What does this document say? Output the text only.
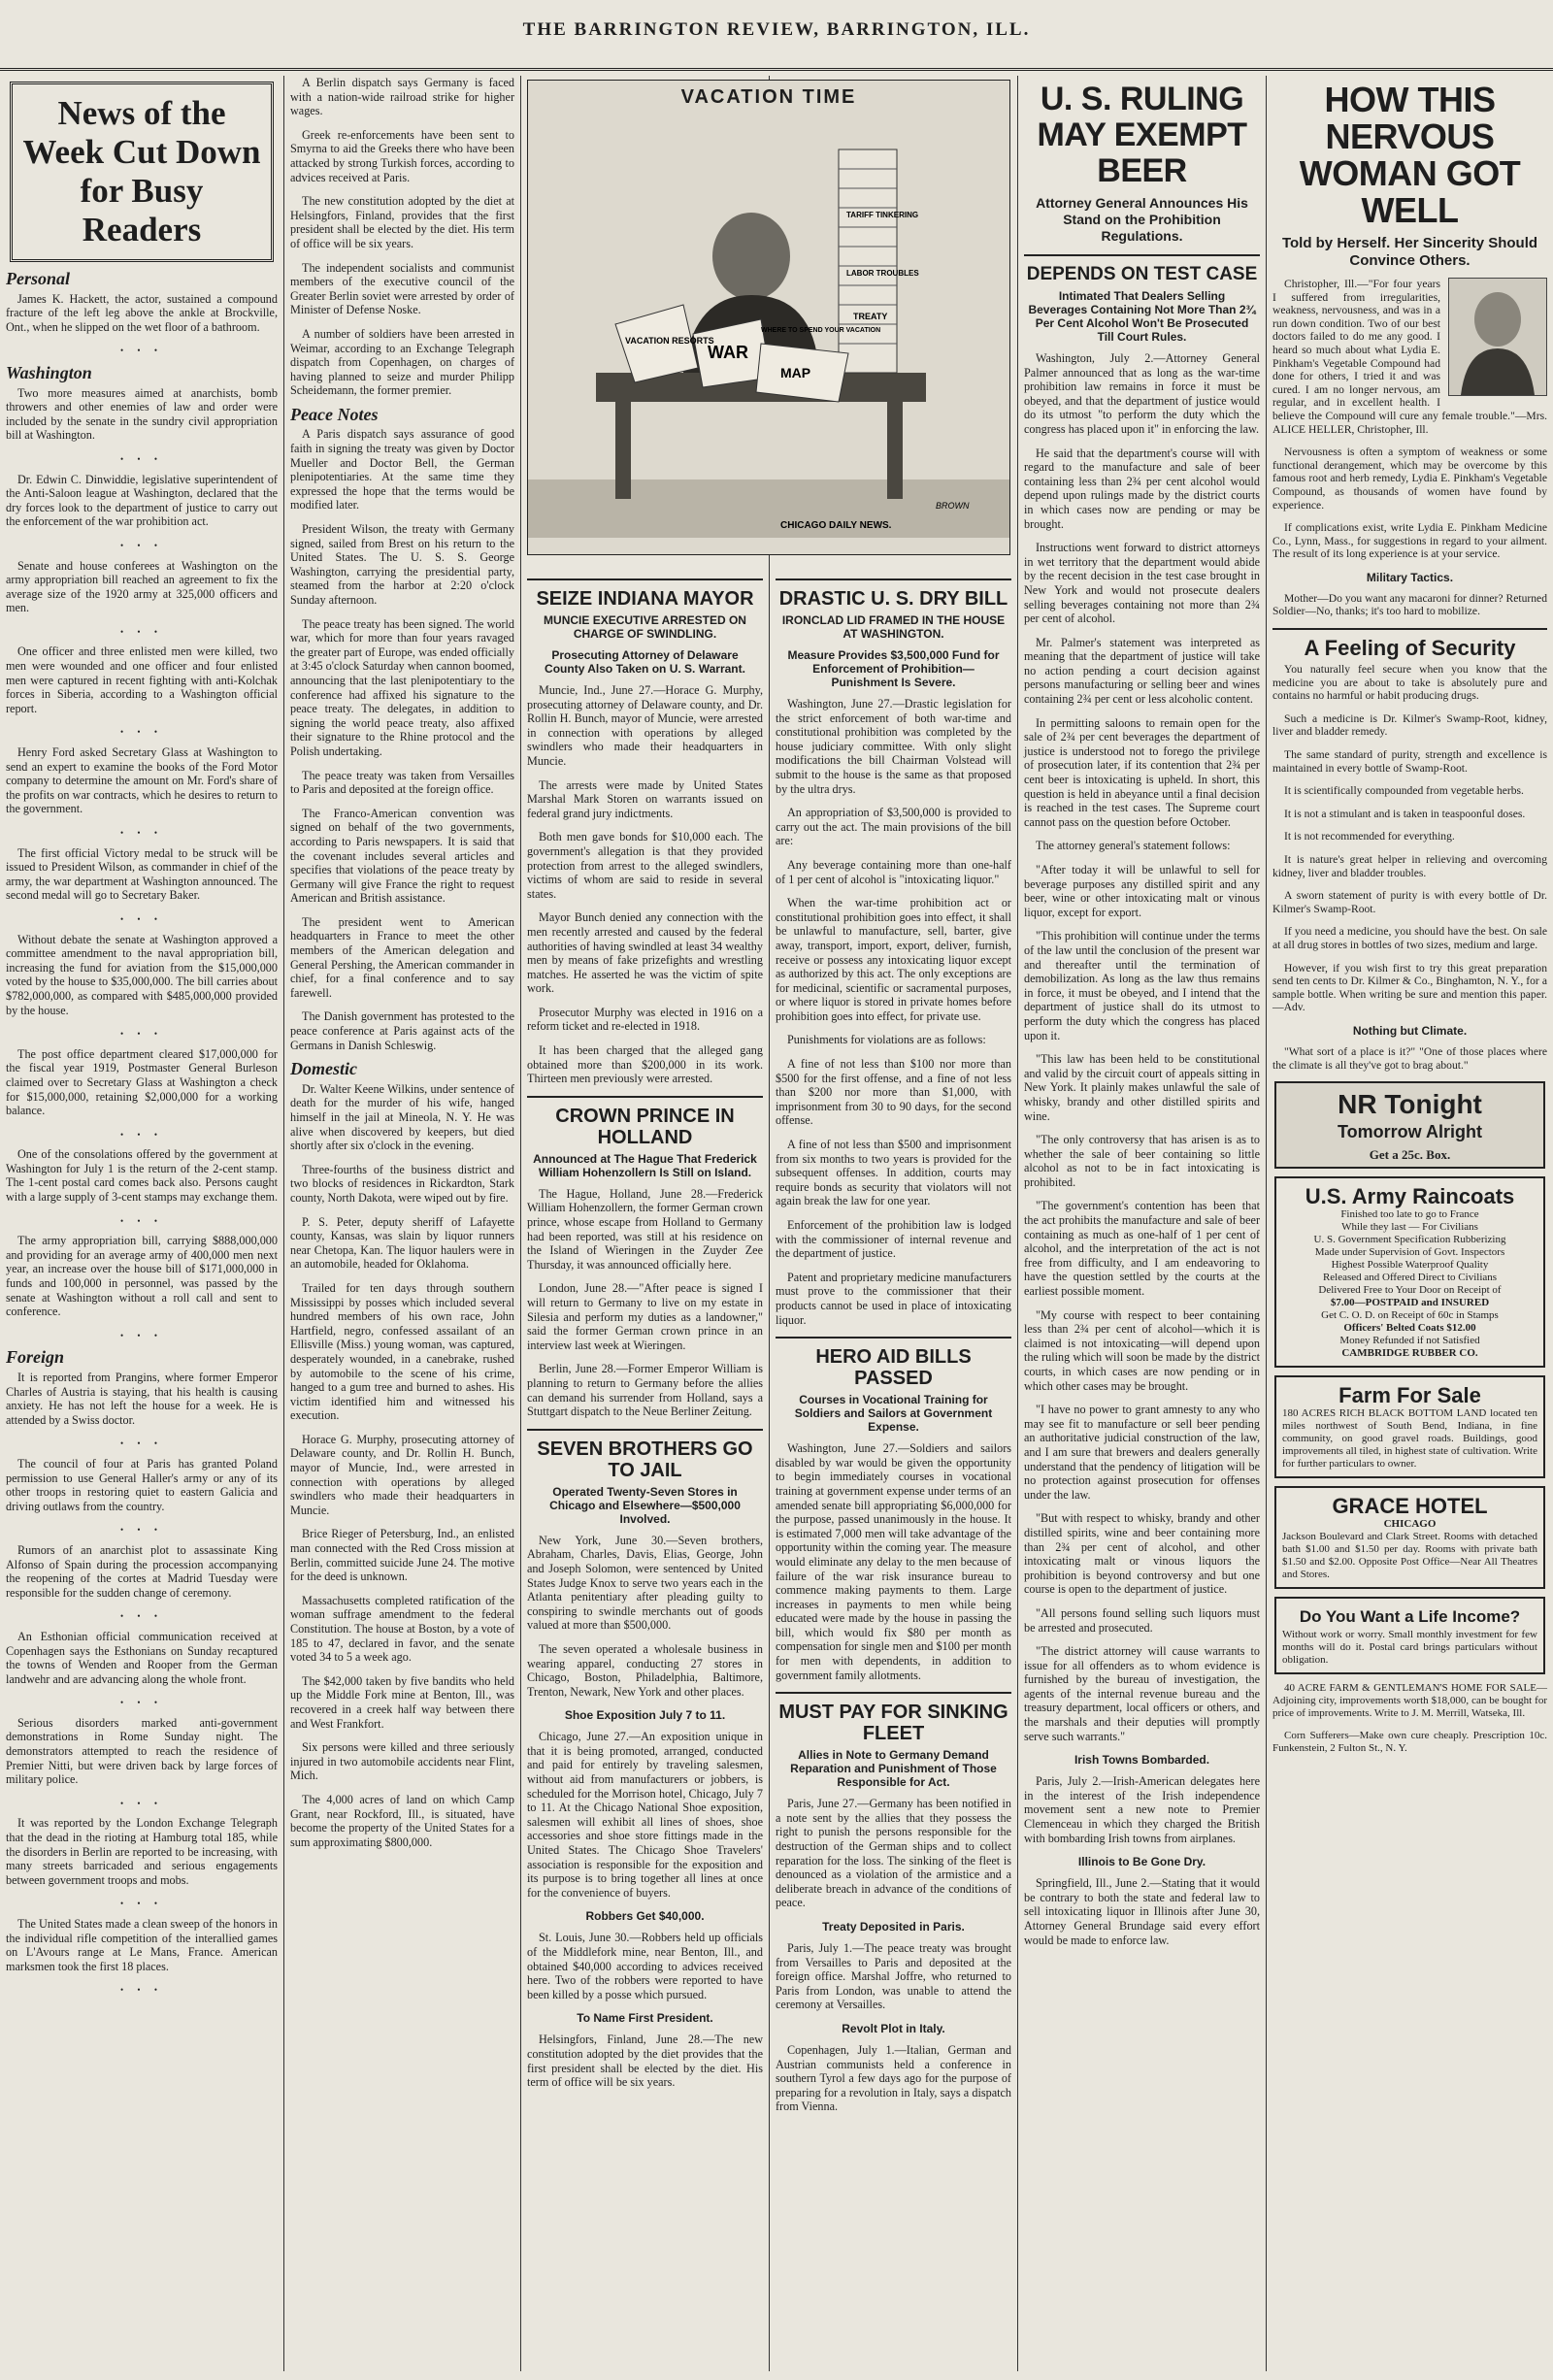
THE BARRINGTON REVIEW, BARRINGTON, ILL.
News of the Week Cut Down for Busy Readers
Personal

James K. Hackett, the actor, sustained a compound fracture of the left leg above the ankle at Brockville, Ont., when he slipped on the wet floor of a bathroom.

• • •
Washington

Two more measures aimed at anarchists, bomb throwers and other enemies of law and order were included by the senate in the sundry civil appropriation bill at Washington.

• • •

Dr. Edwin C. Dinwiddie, legislative superintendent of the Anti-Saloon league at Washington, declared that the dry forces look to the department of justice to carry out the enforcement of the war prohibition act.

• • •

Senate and house conferees at Washington on the army appropriation bill reached an agreement to fix the average size of the 1920 army at 325,000 officers and men.

• • •

One officer and three enlisted men were killed, two men were wounded and one officer and four enlisted men were captured in recent fighting with anti-Kolchak forces in Siberia, according to a Washington official report.

• • •

Henry Ford asked Secretary Glass at Washington to send an expert to examine the books of the Ford Motor company to determine the amount on Mr. Ford's share of the profits on war contracts, which he desires to return to the government.

• • •

The first official Victory medal to be struck will be issued to President Wilson, as commander in chief of the army, the war department at Washington announced. The second medal will go to Secretary Baker.

• • •

Without debate the senate at Washington approved a committee amendment to the naval appropriation bill, increasing the fund for aviation from the $15,000,000 voted by the house to $35,000,000. The bill carries about $782,000,000, as compared with $485,000,000 provided by the house.

• • •

The post office department cleared $17,000,000 for the fiscal year 1919, Postmaster General Burleson claimed over to Secretary Glass at Washington a check for $15,000,000, retaining $2,000,000 for a working balance.

• • •

One of the consolations offered by the government at Washington for July 1 is the return of the 2-cent stamp. The 1-cent postal card comes back also. Persons caught with a large supply of 3-cent stamps may exchange them.

• • •

The army appropriation bill, carrying $888,000,000 and providing for an average army of 400,000 men next year, an increase over the house bill of $171,000,000 in funds and 100,000 in personnel, was passed by the senate at Washington without a roll call and sent to conference.

• • •
Foreign

It is reported from Prangins, where former Emperor Charles of Austria is staying, that his health is causing anxiety. He has not left the house for a week. He is attended by a Swiss doctor.

• • •

The council of four at Paris has granted Poland permission to use General Haller's army or any of its other troops in restoring quiet to eastern Galicia and driving outlaws from the country.

• • •

Rumors of an anarchist plot to assassinate King Alfonso of Spain during the procession accompanying the reopening of the cortes at Madrid Tuesday were responsible for the sudden change of ceremony.

• • •

An Esthonian official communication received at Copenhagen says the Esthonians on Sunday recaptured the towns of Wenden and Rooper from the German landwehr and are advancing along the whole front.

• • •

Serious disorders marked anti-government demonstrations in Rome Sunday night. The demonstrators attempted to reach the residence of Premier Nitti, but were driven back by large forces of military police.

• • •

It was reported by the London Exchange Telegraph that the dead in the rioting at Hamburg total 185, while the disorders in Berlin are reported to be increasing, with many streets barricaded and serious engagements between government troops and mobs.

• • •

The United States made a clean sweep of the honors in the individual rifle competition of the interallied games on L'Avours range at Le Mans, France. American marksmen took the first 18 places.

• • •

A Berlin dispatch says Germany is faced with a nation-wide railroad strike for higher wages.

Greek re-enforcements have been sent to Smyrna to aid the Greeks there who have been attacked by strong Turkish forces, according to advices received at Paris.

The new constitution adopted by the diet at Helsingfors, Finland, provides that the first president shall be elected by the diet. His term of office will be six years.

The independent socialists and communist members of the executive council of the Greater Berlin soviet were arrested by order of Minister of Defense Noske.

A number of soldiers have been arrested in Weimar, according to an Exchange Telegraph dispatch from Copenhagen, on charges of having planned to seize and murder Philipp Scheidemann, the former premier.

Peace Notes

A Paris dispatch says assurance of good faith in signing the treaty was given by Doctor Mueller and Doctor Bell, the German plenipotentiaries. At the same time they expressed the hope that the terms would be modified later.

President Wilson, the treaty with Germany signed, sailed from Brest on his return to the United States. The U. S. S. George Washington, carrying the presidential party, steamed from the harbor at 2:20 o'clock Sunday afternoon.

The peace treaty has been signed. The world war, which for more than four years ravaged the greater part of Europe, was ended officially at 3:45 o'clock Saturday when cannon boomed, announcing that the last plenipotentiary to the conference had affixed his signature to the peace treaty. The delegates, in addition to signing the world peace treaty, also affixed their signature to the Rhine protocol and the Polish undertaking.

The peace treaty was taken from Versailles to Paris and deposited at the foreign office.

The Franco-American convention was signed on behalf of the two governments, according to Paris newspapers. It is said that the covenant includes several articles and specifies that violations of the peace treaty by Germany will give France the right to request American and British assistance.

The president went to American headquarters in France to meet the other members of the American delegation and General Pershing, the American commander in chief, for a final conference and to say farewell.

The Danish government has protested to the peace conference at Paris against acts of the Germans in Danish Schleswig.

Domestic

Dr. Walter Keene Wilkins, under sentence of death for the murder of his wife, hanged himself in the jail at Mineola, N. Y. He was alive when discovered by keepers, but died shortly after six o'clock in the evening.

Three-fourths of the business district and two blocks of residences in Rickardton, Stark county, North Dakota, were wiped out by fire.

P. S. Peter, deputy sheriff of Lafayette county, Kansas, was slain by liquor runners near Chetopa, Kan. The liquor haulers were in an automobile, headed for Oklahoma.

Trailed for ten days through southern Mississippi by posses which included several hundred members of his own race, John Hartfield, negro, confessed assailant of an Ellisville (Miss.) young woman, was captured, desperately wounded, in a canebrake, rushed by automobile to the scene of his crime, hanged to a gum tree and burned to ashes. His victim identified him and witnessed his execution.

Horace G. Murphy, prosecuting attorney of Delaware county, and Dr. Rollin H. Bunch, mayor of Muncie, Ind., were arrested in connection with operations by alleged swindlers who made their headquarters in Muncie.

Brice Rieger of Petersburg, Ind., an enlisted man connected with the Red Cross mission at Berlin, committed suicide June 24. The motive for the deed is unknown.

Massachusetts completed ratification of the woman suffrage amendment to the federal Constitution. The house at Boston, by a vote of 185 to 47, declared in favor, and the senate voted 34 to 5 a week ago.

The $42,000 taken by five bandits who held up the Middle Fork mine at Benton, Ill., was recovered in a creek half way between there and West Frankfort.

Six persons were killed and three seriously injured in two automobile accidents near Flint, Mich.

The 4,000 acres of land on which Camp Grant, near Rockford, Ill., is situated, have become the property of the United States for a sum approximating $800,000.

VACATION TIME
VACATION RESORTS
WAR
WHERE TO SPEND YOUR VACATION
MAP
TARIFF TINKERING
LABOR TROUBLES
TREATY
CHICAGO DAILY NEWS.
BROWN
SEIZE INDIANA MAYOR
MUNCIE EXECUTIVE ARRESTED ON CHARGE OF SWINDLING.
Prosecuting Attorney of Delaware County Also Taken on U. S. Warrant.

Muncie, Ind., June 27.—Horace G. Murphy, prosecuting attorney of Delaware county, and Dr. Rollin H. Bunch, mayor of Muncie, were arrested in connection with operations by alleged swindlers who made their headquarters in Muncie.

The arrests were made by United States Marshal Mark Storen on warrants issued on federal grand jury indictments.

Both men gave bonds for $10,000 each. The government's allegation is that they provided protection from arrest to the alleged swindlers, victims of whom are said to reside in several states.

Mayor Bunch denied any connection with the men recently arrested and caused by the federal authorities of having swindled at least 34 wealthy men by means of fake prizefights and wrestling matches. He asserted he was the victim of spite work.

Prosecutor Murphy was elected in 1916 on a reform ticket and re-elected in 1918.

It has been charged that the alleged gang obtained more than $200,000 in its work. Thirteen men previously were arrested.

CROWN PRINCE IN HOLLAND
Announced at The Hague That Frederick William Hohenzollern Is Still on Island.

The Hague, Holland, June 28.—Frederick William Hohenzollern, the former German crown prince, whose escape from Holland to Germany had been reported, was still at his residence on the Island of Wieringen in the Zuyder Zee Thursday, it was announced officially here.

London, June 28.—"After peace is signed I will return to Germany to live on my estate in Silesia and perform my duties as a landowner," said the former German crown prince in an interview last week at Wieringen.

Berlin, June 28.—Former Emperor William is planning to return to Germany before the allies can demand his surrender from Holland, says a Stuttgart dispatch to the Neue Berliner Zeitung.

SEVEN BROTHERS GO TO JAIL
Operated Twenty-Seven Stores in Chicago and Elsewhere—$500,000 Involved.

New York, June 30.—Seven brothers, Abraham, Charles, Davis, Elias, George, John and Joseph Solomon, were sentenced by United States Judge Knox to serve two years each in the Atlanta penitentiary after pleading guilty to conspiring to swindle merchants out of goods valued at more than $500,000.

The seven operated a wholesale business in wearing apparel, conducting 27 stores in Chicago, Boston, Philadelphia, Baltimore, Trenton, Newark, New York and other places.

Shoe Exposition July 7 to 11.

Chicago, June 27.—An exposition unique in that it is being promoted, arranged, conducted and paid for entirely by traveling salesmen, without aid from manufacturers or jobbers, is scheduled for the Morrison hotel, Chicago, July 7 to 11. At the Chicago National Shoe exposition, salesmen will exhibit all lines of shoes, shoe accessories and shoe store fittings made in the United States. The Chicago Shoe Travelers' association is responsible for the exposition and its purpose is to bring together all lines at once for the convenience of buyers.

Robbers Get $40,000.

St. Louis, June 30.—Robbers held up officials of the Middlefork mine, near Benton, Ill., and obtained $40,000 according to advices received here. Two of the robbers were reported to have been killed by a posse which pursued.

To Name First President.

Helsingfors, Finland, June 28.—The new constitution adopted by the diet provides that the first president shall be elected by the diet. His term of office will be six years.

DRASTIC U. S. DRY BILL
IRONCLAD LID FRAMED IN THE HOUSE AT WASHINGTON.
Measure Provides $3,500,000 Fund for Enforcement of Prohibition—Punishment Is Severe.

Washington, June 27.—Drastic legislation for the strict enforcement of both war-time and constitutional prohibition was completed by the house judiciary committee. With only slight modifications the bill Chairman Volstead will submit to the house is the same as that proposed by the ultra drys.

An appropriation of $3,500,000 is provided to carry out the act. The main provisions of the bill are:

Any beverage containing more than one-half of 1 per cent of alcohol is "intoxicating liquor."

When the war-time prohibition act or constitutional prohibition goes into effect, it shall be unlawful to manufacture, sell, barter, give away, transport, import, export, deliver, furnish, receive or possess any intoxicating liquor except as authorized by this act. The only exceptions are for medicinal, scientific or sacramental purposes, or where liquor is stored in private homes before prohibition goes into effect, for private use.

Punishments for violations are as follows:

A fine of not less than $100 nor more than $500 for the first offense, and a fine of not less than $200 nor more than $1,000, with imprisonment from 30 to 90 days, for the second offense.

A fine of not less than $500 and imprisonment from six months to two years is provided for the subsequent offenses. In addition, courts may require bonds as security that violators will not again break the law for one year.

Enforcement of the prohibition law is lodged with the commissioner of internal revenue and the department of justice.

Patent and proprietary medicine manufacturers must prove to the commissioner that their products cannot be used in place of intoxicating liquor.

HERO AID BILLS PASSED
Courses in Vocational Training for Soldiers and Sailors at Government Expense.

Washington, June 27.—Soldiers and sailors disabled by war would be given the opportunity to begin immediately courses in vocational training at government expense under terms of an amended senate bill appropriating $6,000,000 for the purpose, passed unanimously in the house. It is estimated 7,000 men will take advantage of the opportunity within the coming year. The measure would eliminate any delay to the men because of failure of the war risk insurance bureau to commence making payments to them. Large increases in payments to men while being educated were made by the house in passing the bill, which would fix $80 per month as compensation for single men and $100 per month for men with dependents, in addition to government family allotments.

MUST PAY FOR SINKING FLEET
Allies in Note to Germany Demand Reparation and Punishment of Those Responsible for Act.

Paris, June 27.—Germany has been notified in a note sent by the allies that they possess the right to punish the persons responsible for the destruction of the German ships and to collect reparation for the loss. The sinking of the fleet is denounced as a violation of the armistice and a deliberate breach in advance of the conditions of peace.

Treaty Deposited in Paris.

Paris, July 1.—The peace treaty was brought from Versailles to Paris and deposited at the foreign office. Marshal Joffre, who returned to Paris from London, was unable to attend the ceremony at Versailles.

Revolt Plot in Italy.

Copenhagen, July 1.—Italian, German and Austrian communists held a conference in southern Tyrol a few days ago for the purpose of preparing for a revolution in Italy, says a dispatch from Vienna.

U. S. RULING MAY EXEMPT BEER
Attorney General Announces His Stand on the Prohibition Regulations.
DEPENDS ON TEST CASE
Intimated That Dealers Selling Beverages Containing Not More Than 2¾ Per Cent Alcohol Won't Be Prosecuted Till Court Rules.

Washington, July 2.—Attorney General Palmer announced that as long as the war-time prohibition law remains in force it must be obeyed, and that the department of justice would do its utmost "to perform the duty which the congress has placed upon it" in enforcing the law.

He said that the department's course will with regard to the manufacture and sale of beer containing less than 2¾ per cent alcohol would depend upon rulings made by the district courts in which cases now are pending or may be brought.

Instructions went forward to district attorneys in wet territory that the department would abide by the recent decision in the test case brought in New York and would not prosecute dealers selling beverages containing not more than 2¾ per cent of alcohol.

Mr. Palmer's statement was interpreted as meaning that the department of justice will take no action pending a court decision against persons manufacturing or selling beer and wines containing 2¾ per cent or less alcoholic content.

In permitting saloons to remain open for the sale of 2¾ per cent beverages the department of justice is understood not to forego the privilege of prosecution later, if its contention that 2¾ per cent beer is intoxicating is upheld. In short, this question is held in abeyance until a final decision is reached in the test cases. The Supreme court cannot pass on the question before October.

The attorney general's statement follows:

"After today it will be unlawful to sell for beverage purposes any distilled spirit and any beer, wine or other intoxicating malt or vinous liquor, except for export.

"This prohibition will continue under the terms of the law until the conclusion of the present war and thereafter until the termination of demobilization. As long as the law thus remains in force, it must be obeyed, and I intend that the department of justice shall do its utmost to perform the duty which the congress has placed upon it.

"This law has been held to be constitutional and valid by the circuit court of appeals sitting in New York. It plainly makes unlawful the sale of whisky, brandy and other distilled spirits and wine.

"The only controversy that has arisen is as to whether the sale of beer containing so little alcohol as not to be in fact intoxicating is prohibited.

"The government's contention has been that the act prohibits the manufacture and sale of beer containing as much as one-half of 1 per cent of alcohol, and the interpretation of the act is not free from difficulty, and I am endeavoring to have the question settled by the courts at the earliest possible moment.

"My course with respect to beer containing less than 2¾ per cent of alcohol—which it is claimed is not intoxicating—will depend upon the ruling which will soon be made by the district courts, in which cases are now pending or in which other cases may be brought.

"I have no power to grant amnesty to any who may see fit to manufacture or sell beer pending an authoritative judicial construction of the law, and I am sure that brewers and dealers generally understand that the pendency of litigation will be no protection against prosecution for offenses under the law.

"But with respect to whisky, brandy and other distilled spirits, wine and beer containing more than 2¾ per cent of alcohol, and other intoxicating malt or vinous liquors the prohibition is beyond controversy and but one course is open to the department of justice.

"All persons found selling such liquors must be arrested and prosecuted.

"The district attorney will cause warrants to issue for all offenders as to whom evidence is furnished by the bureau of investigation, the agents of the internal revenue bureau and the treasury department, local officers or others, and the marshals and their deputies will promptly serve such warrants."

Irish Towns Bombarded.

Paris, July 2.—Irish-American delegates here in the interest of the Irish independence movement sent a new note to Premier Clemenceau in which they charged the British with bombarding Irish towns from airplanes.

Illinois to Be Gone Dry.

Springfield, Ill., June 2.—Stating that it would be contrary to both the state and federal law to sell intoxicating liquor in Illinois after June 30, Attorney General Brundage said every effort would be made to enforce law.

HOW THIS NERVOUS WOMAN GOT WELL
Told by Herself. Her Sincerity Should Convince Others.

Christopher, Ill.—"For four years I suffered from irregularities, weakness, nervousness, and was in a run down condition. Two of our best doctors failed to do me any good. I heard so much about what Lydia E. Pinkham's Vegetable Compound had done for others, I tried it and was cured. I am no longer nervous, am regular, and in excellent health. I believe the Compound will cure any female trouble."—Mrs. ALICE HELLER, Christopher, Ill.

Nervousness is often a symptom of weakness or some functional derangement, which may be overcome by this famous root and herb remedy, Lydia E. Pinkham's Vegetable Compound, as thousands of women have found by experience.

If complications exist, write Lydia E. Pinkham Medicine Co., Lynn, Mass., for suggestions in regard to your ailment. The result of its long experience is at your service.

Military Tactics.

Mother—Do you want any macaroni for dinner? Returned Soldier—No, thanks; it's too hard to mobilize.

A Feeling of Security

You naturally feel secure when you know that the medicine you are about to take is absolutely pure and contains no harmful or habit producing drugs.

Such a medicine is Dr. Kilmer's Swamp-Root, kidney, liver and bladder remedy.

The same standard of purity, strength and excellence is maintained in every bottle of Swamp-Root.

It is scientifically compounded from vegetable herbs.

It is not a stimulant and is taken in teaspoonful doses.

It is not recommended for everything.

It is nature's great helper in relieving and overcoming kidney, liver and bladder troubles.

A sworn statement of purity is with every bottle of Dr. Kilmer's Swamp-Root.

If you need a medicine, you should have the best. On sale at all drug stores in bottles of two sizes, medium and large.

However, if you wish first to try this great preparation send ten cents to Dr. Kilmer & Co., Binghamton, N. Y., for a sample bottle. When writing be sure and mention this paper.—Adv.

Nothing but Climate.

"What sort of a place is it?" "One of those places where the climate is all they've got to brag about."

NR Tonight
Tomorrow Alright
Get a 25c. Box.
U.S. Army Raincoats
Finished too late to go to France
While they last — For Civilians
U. S. Government Specification Rubberizing
Made under Supervision of Govt. Inspectors
Highest Possible Waterproof Quality
Released and Offered Direct to Civilians
Delivered Free to Your Door on Receipt of
$7.00—POSTPAID and INSURED
Get C. O. D. on Receipt of 60c in Stamps
Officers' Belted Coats $12.00
Money Refunded if not Satisfied
CAMBRIDGE RUBBER CO.
Farm For Sale
180 ACRES RICH BLACK BOTTOM LAND located ten miles northwest of South Bend, Indiana, in fine community, on good gravel roads. Buildings, good improvements all tiled, in highest state of cultivation. Write for further particulars to owner.
GRACE HOTEL
CHICAGO
Jackson Boulevard and Clark Street. Rooms with detached bath $1.00 and $1.50 per day. Rooms with private bath $1.50 and $2.00. Opposite Post Office—Near All Theatres and Stores.
Do You Want a Life Income?
Without work or worry. Small monthly investment for few months will do it. Postal card brings particulars without obligation.

40 ACRE FARM & GENTLEMAN'S HOME FOR SALE—Adjoining city, improvements worth $18,000, can be bought for price of improvements. Write to J. M. Merrill, Watseka, Ill.

Corn Sufferers—Make own cure cheaply. Prescription 10c. Funkenstein, 2 Fulton St., N. Y.
